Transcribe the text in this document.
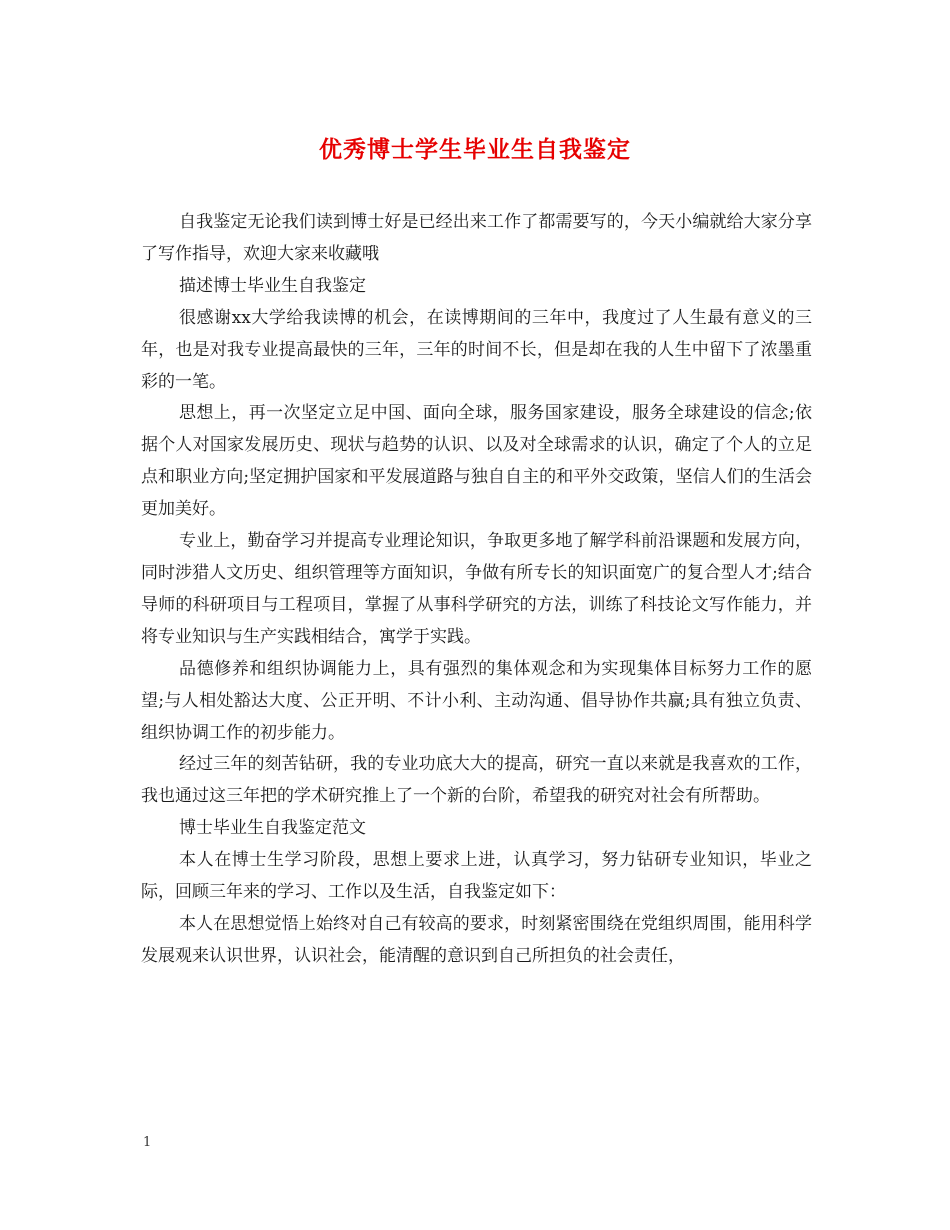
优秀博士学生毕业生自我鉴定

自我鉴定无论我们读到博士好是已经出来工作了都需要写的，今天小编就给大家分享了写作指导，欢迎大家来收藏哦

描述博士毕业生自我鉴定

很感谢xx大学给我读博的机会，在读博期间的三年中，我度过了人生最有意义的三年，也是对我专业提高最快的三年，三年的时间不长，但是却在我的人生中留下了浓墨重彩的一笔。

思想上，再一次坚定立足中国、面向全球，服务国家建设，服务全球建设的信念;依据个人对国家发展历史、现状与趋势的认识、以及对全球需求的认识，确定了个人的立足点和职业方向;坚定拥护国家和平发展道路与独自自主的和平外交政策，坚信人们的生活会更加美好。

专业上，勤奋学习并提高专业理论知识，争取更多地了解学科前沿课题和发展方向，同时涉猎人文历史、组织管理等方面知识，争做有所专长的知识面宽广的复合型人才;结合导师的科研项目与工程项目，掌握了从事科学研究的方法，训练了科技论文写作能力，并将专业知识与生产实践相结合，寓学于实践。

品德修养和组织协调能力上，具有强烈的集体观念和为实现集体目标努力工作的愿望;与人相处豁达大度、公正开明、不计小利、主动沟通、倡导协作共赢;具有独立负责、组织协调工作的初步能力。

经过三年的刻苦钻研，我的专业功底大大的提高，研究一直以来就是我喜欢的工作，我也通过这三年把的学术研究推上了一个新的台阶，希望我的研究对社会有所帮助。

博士毕业生自我鉴定范文

本人在博士生学习阶段，思想上要求上进，认真学习，努力钻研专业知识，毕业之际，回顾三年来的学习、工作以及生活，自我鉴定如下：

本人在思想觉悟上始终对自己有较高的要求，时刻紧密围绕在党组织周围，能用科学发展观来认识世界，认识社会，能清醒的意识到自己所担负的社会责任，

1
